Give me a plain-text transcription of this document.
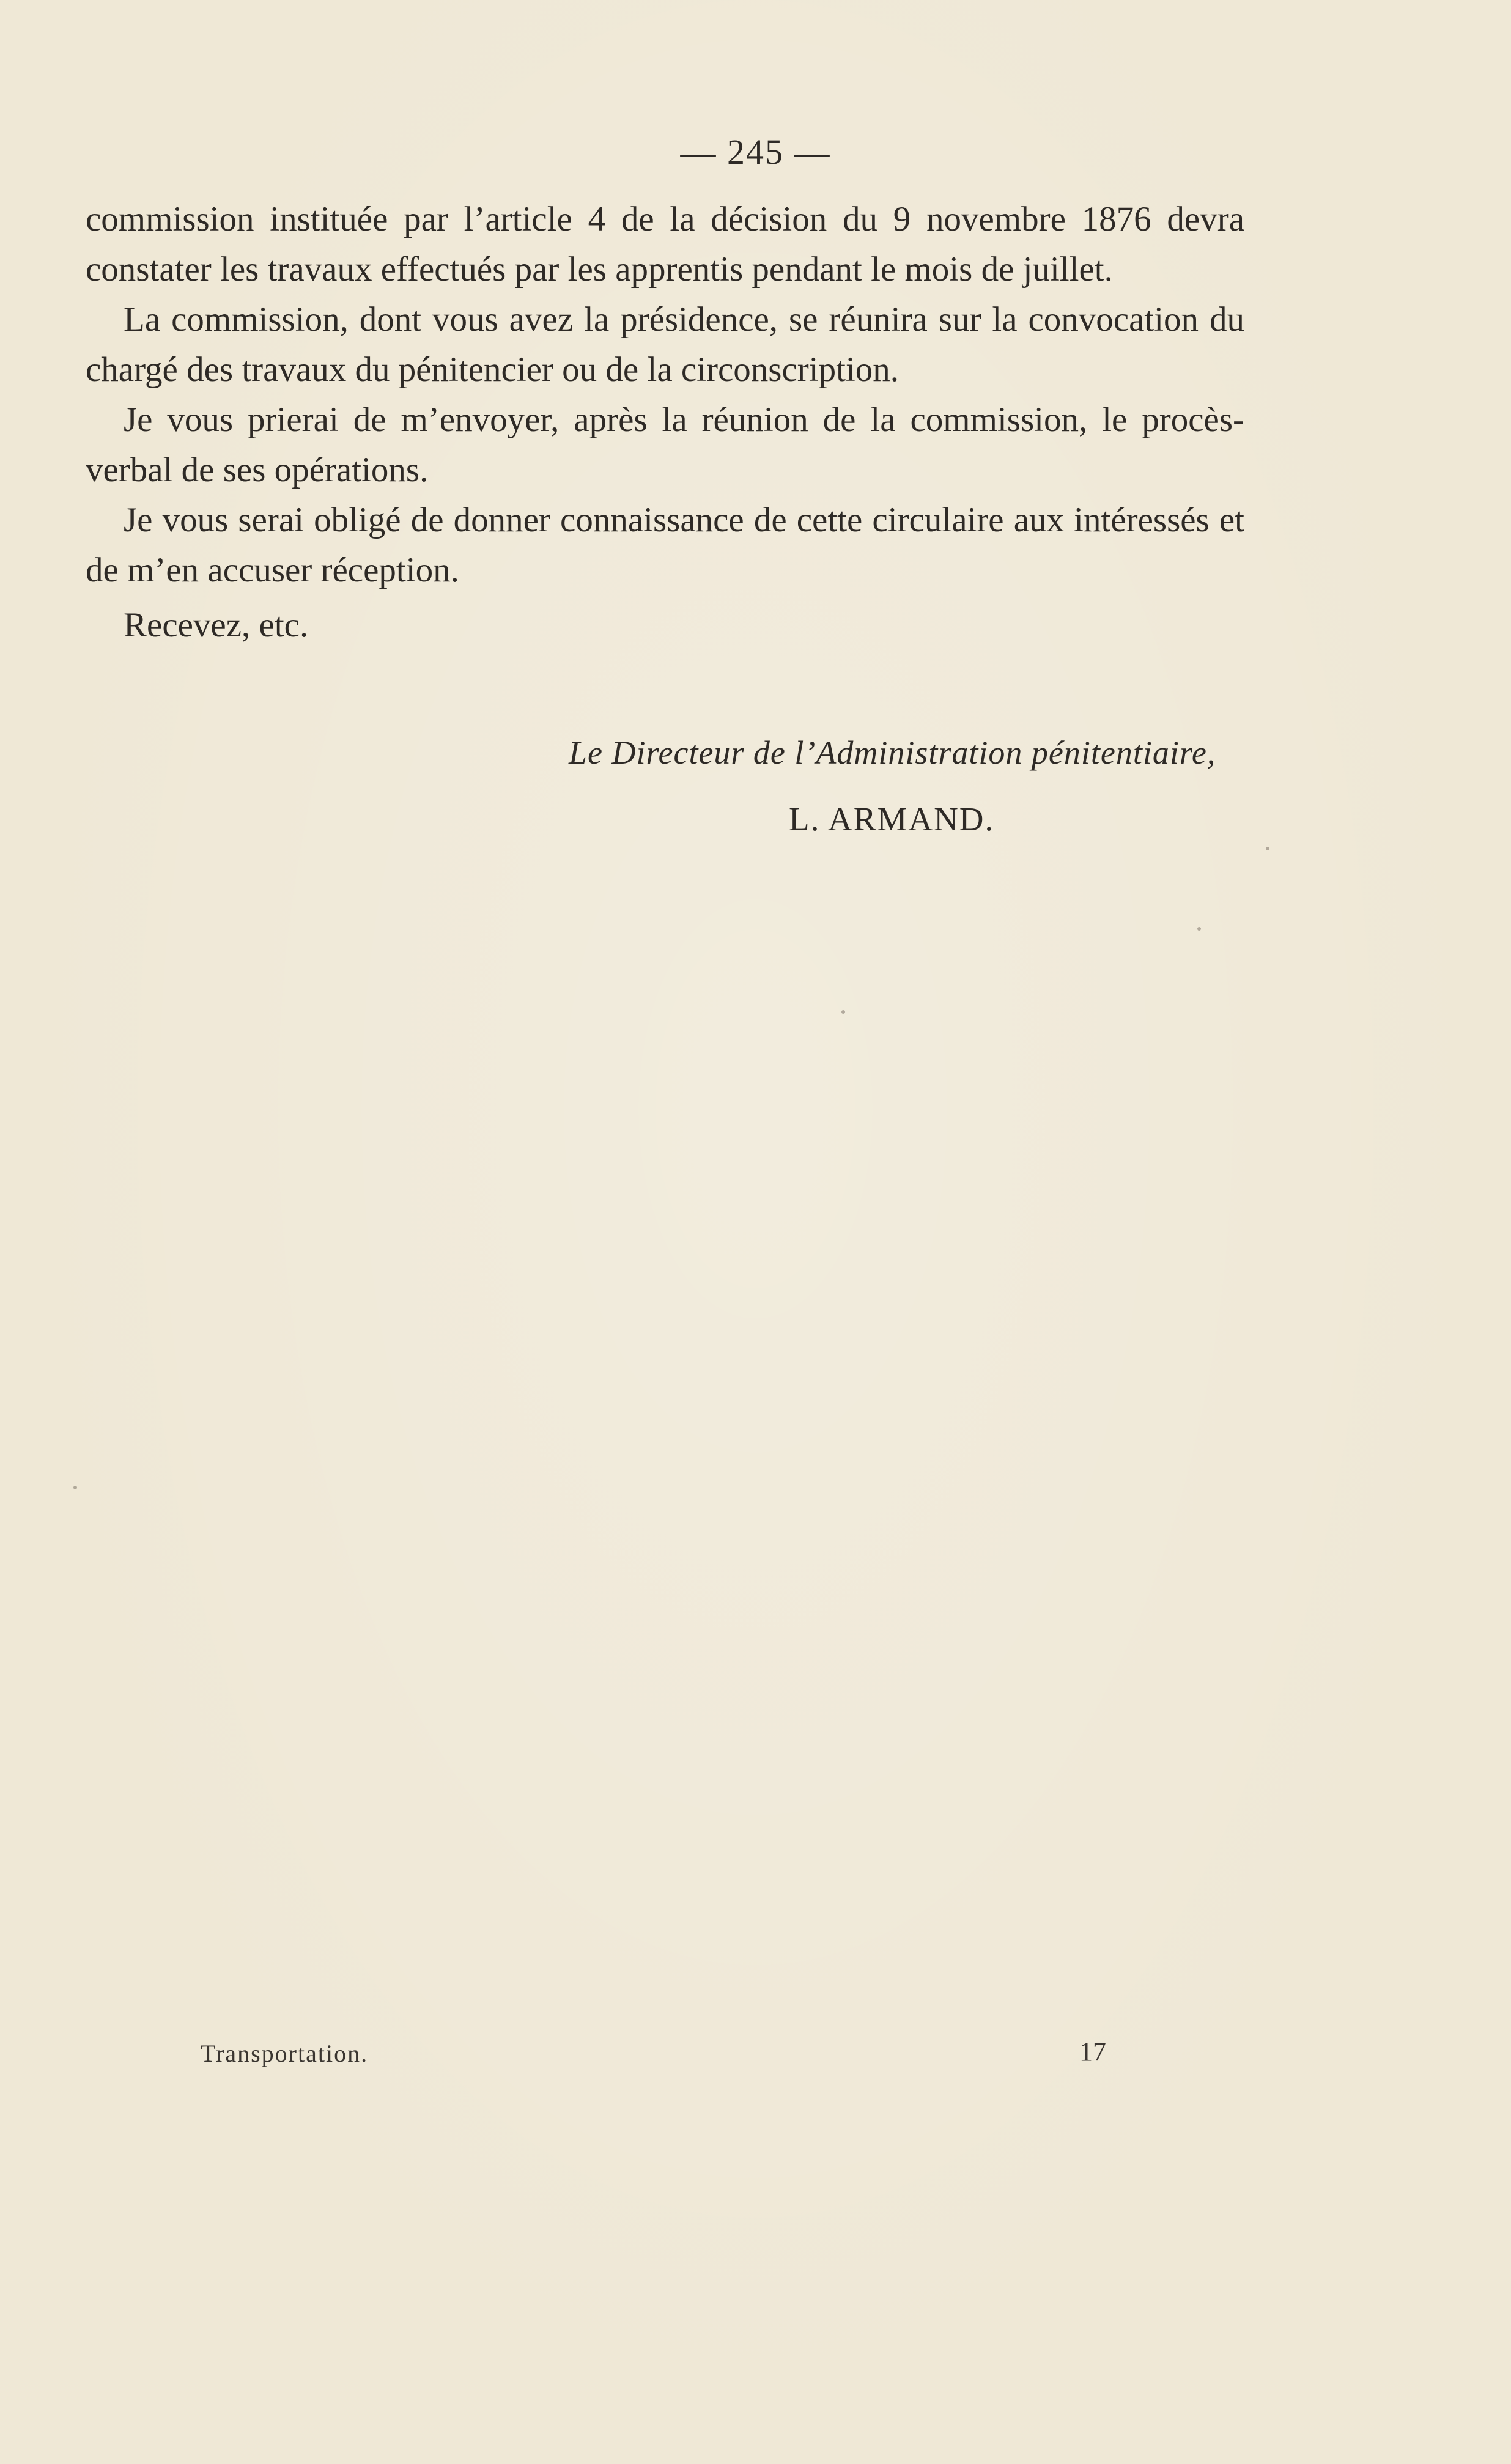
— 245 —

commission instituée par l’article 4 de la décision du 9 novembre 1876 devra constater les travaux effectués par les apprentis pendant le mois de juillet.

La commission, dont vous avez la présidence, se réunira sur la convocation du chargé des travaux du pénitencier ou de la circonscription.

Je vous prierai de m’envoyer, après la réunion de la commission, le procès-verbal de ses opérations.

Je vous serai obligé de donner connaissance de cette circulaire aux intéressés et de m’en accuser réception.

Recevez, etc.

Le Directeur de l’Administration pénitentiaire,
L. ARMAND.
Transportation.	17
